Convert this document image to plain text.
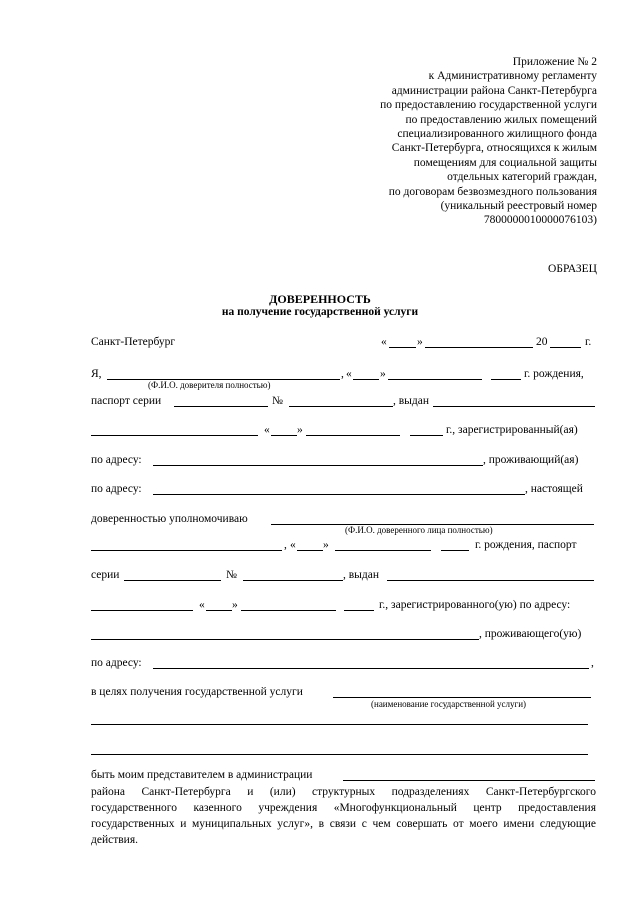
Приложение № 2
к Административному регламенту
администрации района Санкт-Петербурга
по предоставлению государственной услуги
по предоставлению жилых помещений
специализированного жилищного фонда
Санкт-Петербурга, относящихся к жилым
помещениям для социальной защиты
отдельных категорий граждан,
по договорам безвозмездного пользования
(уникальный реестровый номер
7800000010000076103)
ОБРАЗЕЦ
ДОВЕРЕННОСТЬ
на получение государственной услуги
Санкт-Петербург	«	»	20	г.
Я,	, « »	г. рождения,
(Ф.И.О. доверителя полностью)
паспорт серии	№	, выдан
« »	г., зарегистрированный(ая)
по адресу:	, проживающий(ая)
по адресу:	, настоящей
доверенностью уполномочиваю
(Ф.И.О. доверенного лица полностью)
, « »	г. рождения, паспорт
серии	№	, выдан
« »	г., зарегистрированного(ую) по адресу:
, проживающего(ую)
по адресу:	,
в целях получения государственной услуги
(наименование государственной услуги)
быть моим представителем в администрации
района Санкт-Петербурга и (или) структурных подразделениях Санкт-Петербургского государственного казенного учреждения «Многофункциональный центр предоставления государственных и муниципальных услуг», в связи с чем совершать от моего имени следующие действия.
